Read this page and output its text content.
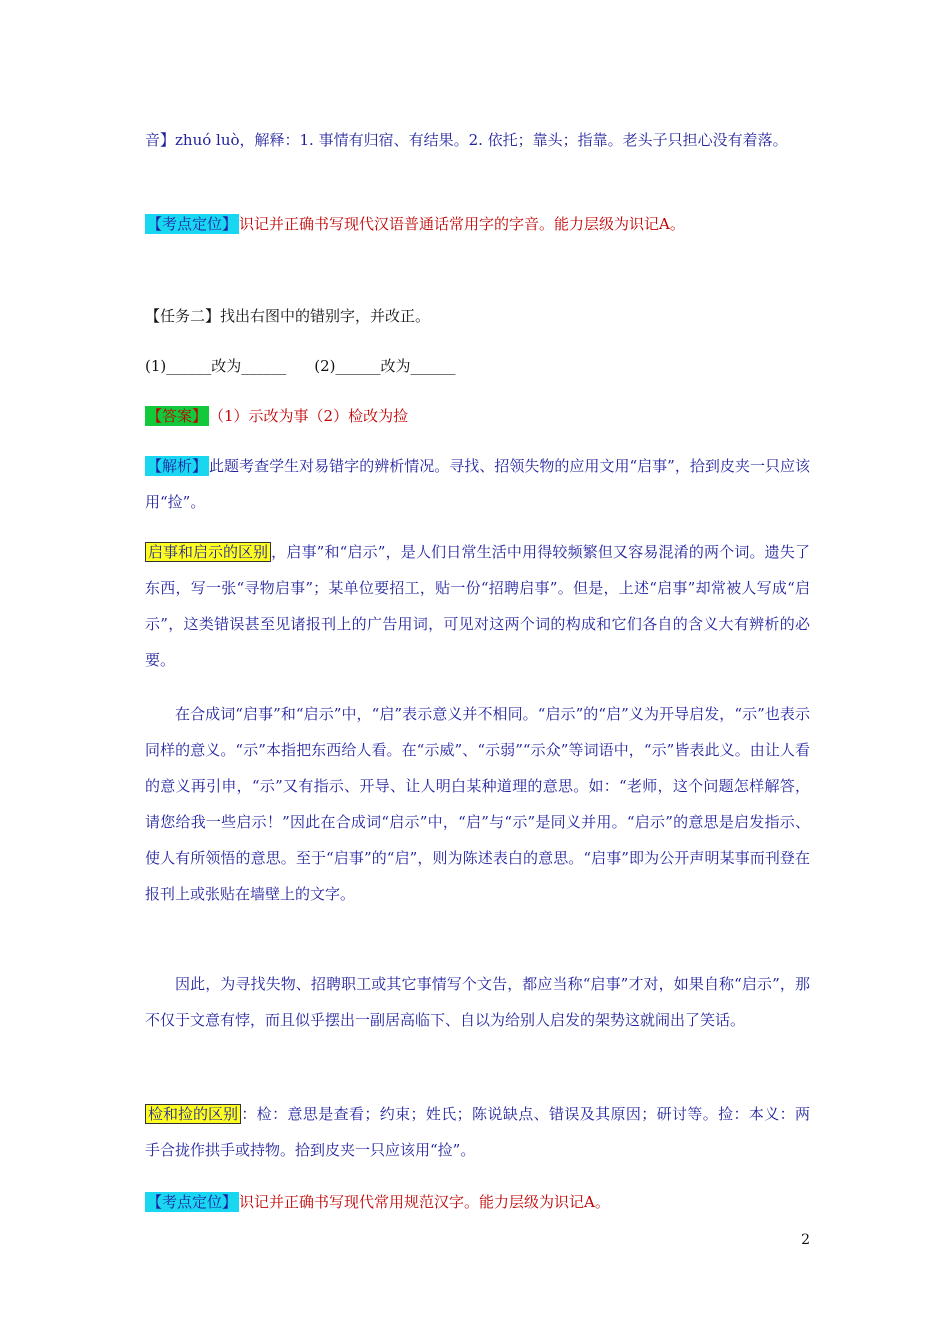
音】zhuó luò，解释：1. 事情有归宿、有结果。2. 依托；靠头；指靠。老头子只担心没有着落。
【考点定位】 识记并正确书写现代汉语普通话常用字的字音。能力层级为识记A。
【任务二】找出右图中的错别字，并改正。
(1)______改为______ (2)______改为______
【答案】 （1）示改为事（2）检改为捡
【解析】 此题考查学生对易错字的辨析情况。寻找、招领失物的应用文用“启事”，拾到皮夹一只应该用“捡”。
启事和启示的区别 ，启事”和“启示”，是人们日常生活中用得较频繁但又容易混淆的两个词。遗失了东西，写一张“寻物启事”；某单位要招工，贴一份“招聘启事”。但是，上述“启事”却常被人写成“启示”，这类错误甚至见诸报刊上的广告用词，可见对这两个词的构成和它们各自的含义大有辨析的必要。
在合成词“启事”和“启示”中，“启”表示意义并不相同。“启示”的“启”义为开导启发，“示”也表示同样的意义。“示”本指把东西给人看。在“示威”、“示弱”“示众”等词语中，“示”皆表此义。由让人看的意义再引申，“示”又有指示、开导、让人明白某种道理的意思。如：“老师，这个问题怎样解答，请您给我一些启示！”因此在合成词“启示”中，“启”与“示”是同义并用。“启示”的意思是启发指示、使人有所领悟的意思。至于“启事”的“启”，则为陈述表白的意思。“启事”即为公开声明某事而刊登在报刊上或张贴在墙壁上的文字。
因此，为寻找失物、招聘职工或其它事情写个文告，都应当称“启事”才对，如果自称“启示”，那不仅于文意有悖，而且似乎摆出一副居高临下、自以为给别人启发的架势这就闹出了笑话。
检和捡的区别 ：检：意思是查看；约束；姓氏；陈说缺点、错误及其原因；研讨等。捡：本义：两手合拢作拱手或持物。拾到皮夹一只应该用“捡”。
【考点定位】 识记并正确书写现代常用规范汉字。能力层级为识记A。
2
